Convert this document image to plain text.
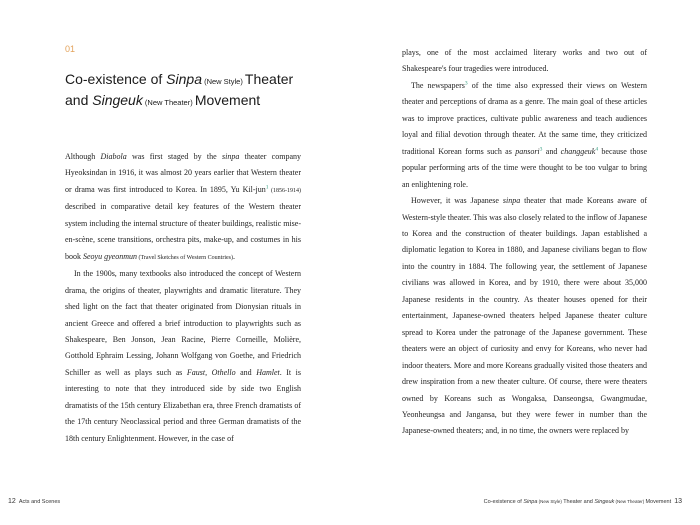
01
Co-existence of Sinpa (New Style) Theater
and Singeuk (New Theater) Movement

Although Diabola was first staged by the sinpa theater company Hyeoksindan in 1916, it was almost 20 years earlier that Western theater or drama was first introduced to Korea. In 1895, Yu Kil-jun$^1$ (1856-1914) described in comparative detail key features of the Western theater system including the internal structure of theater buildings, realistic mise-en-scène, scene transitions, orchestra pits, make-up, and costumes in his book Seoyu gyeonmun (Travel Sketches of Western Countries).

In the 1900s, many textbooks also introduced the concept of Western drama, the origins of theater, playwrights and dramatic literature. They shed light on the fact that theater originated from Dionysian rituals in ancient Greece and offered a brief introduction to playwrights such as Shakespeare, Ben Jonson, Jean Racine, Pierre Corneille, Molière, Gotthold Ephraim Lessing, Johann Wolfgang von Goethe, and Friedrich Schiller as well as plays such as Faust, Othello and Hamlet. It is interesting to note that they introduced side by side two English dramatists of the 15th century Elizabethan era, three French dramatists of the 17th century Neoclassical period and three German dramatists of the 18th century Enlightenment. However, in the case of

12 Acts and Scenes

plays, one of the most acclaimed literary works and two out of Shakespeare's four tragedies were introduced.

The newspapers$^3$ of the time also expressed their views on Western theater and perceptions of drama as a genre. The main goal of these articles was to improve practices, cultivate public awareness and teach audiences loyal and filial devotion through theater. At the same time, they criticized traditional Korean forms such as pansori$^3$ and changgeuk$^4$ because those popular performing arts of the time were thought to be too vulgar to bring an enlightening role.

However, it was Japanese sinpa theater that made Koreans aware of Western-style theater. This was also closely related to the inflow of Japanese to Korea and the construction of theater buildings. Japan established a diplomatic legation to Korea in 1880, and Japanese civilians began to flow into the country in 1884. The following year, the settlement of Japanese civilians was allowed in Korea, and by 1910, there were about 35,000 Japanese residents in the country. As theater houses opened for their entertainment, Japanese-owned theaters helped Japanese theater culture spread to Korea under the patronage of the Japanese government. These theaters were an object of curiosity and envy for Koreans, who never had indoor theaters. More and more Koreans gradually visited those theaters and drew inspiration from a new theater culture. Of course, there were theaters owned by Koreans such as Wongaksa, Danseongsa, Gwangmudae, Yeonheungsa and Jangansa, but they were fewer in number than the Japanese-owned theaters; and, in no time, the owners were replaced by

Co-existence of Sinpa (New Style) Theater and Singeuk (New Theater) Movement 13
